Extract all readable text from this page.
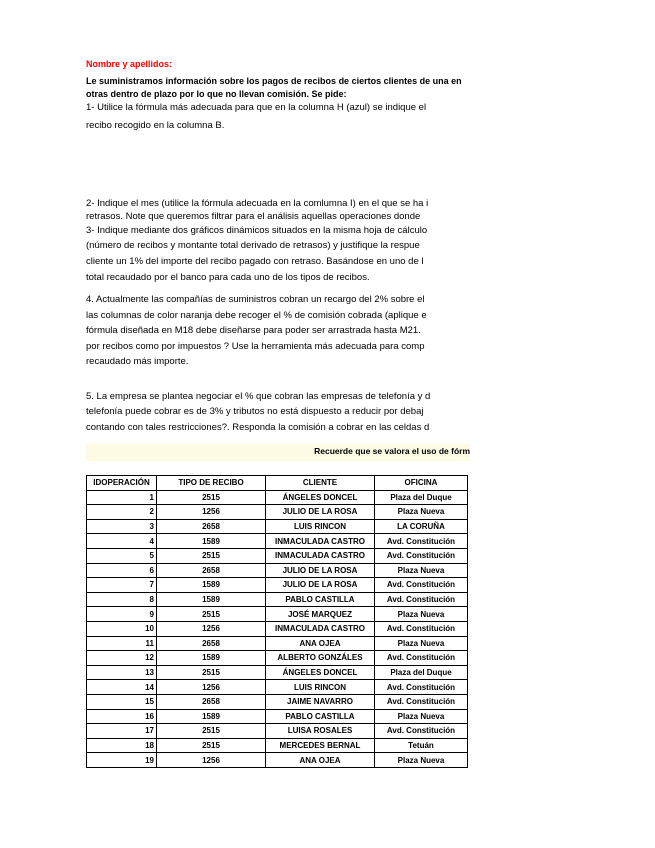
Nombre y apellidos:
Le suministramos información sobre los pagos de recibos de ciertos clientes de una en
otras dentro de plazo por lo que no llevan comisión. Se pide:
1- Utilice la fórmula más adecuada para que en la columna H (azul) se indique el
recibo recogido en la columna B.
2- Indique el mes (utilice la fórmula adecuada en la comlumna I) en el que se ha i
retrasos. Note que queremos filtrar para el análisis aquellas operaciones donde
3- Indique mediante dos gráficos dinámicos situados en la misma hoja de cálculo
(número de recibos y montante total derivado de retrasos) y justifique la respue
cliente un 1% del importe del recibo pagado con retraso. Basándose en uno de l
total recaudado por el banco para cada uno de los tipos de recibos.
4. Actualmente las compañías de suministros cobran un recargo del 2% sobre el
las columnas de color naranja debe recoger el % de comisión cobrada (aplique e
fórmula diseñada en M18 debe diseñarse para poder ser arrastrada hasta M21.
por recibos como por impuestos ? Use la herramienta más adecuada para comp
recaudado más importe.
5. La empresa se plantea negociar el % que cobran las empresas de telefonía y d
telefonía puede cobrar es de 3% y tributos no está dispuesto a reducir por debaj
contando con tales restricciones?. Responda la comisión a cobrar en las celdas d
Recuerde que se valora el uso de fórm
IDOPERACIÓN	TIPO DE RECIBO	CLIENTE	OFICINA
1	2515	ÁNGELES DONCEL	Plaza del Duque
2	1256	JULIO DE LA ROSA	Plaza Nueva
3	2658	LUIS RINCON	LA CORUÑA
4	1589	INMACULADA CASTRO	Avd. Constitución
5	2515	INMACULADA CASTRO	Avd. Constitución
6	2658	JULIO DE LA ROSA	Plaza Nueva
7	1589	JULIO DE LA ROSA	Avd. Constitución
8	1589	PABLO CASTILLA	Avd. Constitución
9	2515	JOSÉ MARQUEZ	Plaza Nueva
10	1256	INMACULADA CASTRO	Avd. Constitución
11	2658	ANA OJEA	Plaza Nueva
12	1589	ALBERTO GONZÁLES	Avd. Constitución
13	2515	ÁNGELES DONCEL	Plaza del Duque
14	1256	LUIS RINCON	Avd. Constitución
15	2658	JAIME NAVARRO	Avd. Constitución
16	1589	PABLO CASTILLA	Plaza Nueva
17	2515	LUISA ROSALES	Avd. Constitución
18	2515	MERCEDES BERNAL	Tetuán
19	1256	ANA OJEA	Plaza Nueva
